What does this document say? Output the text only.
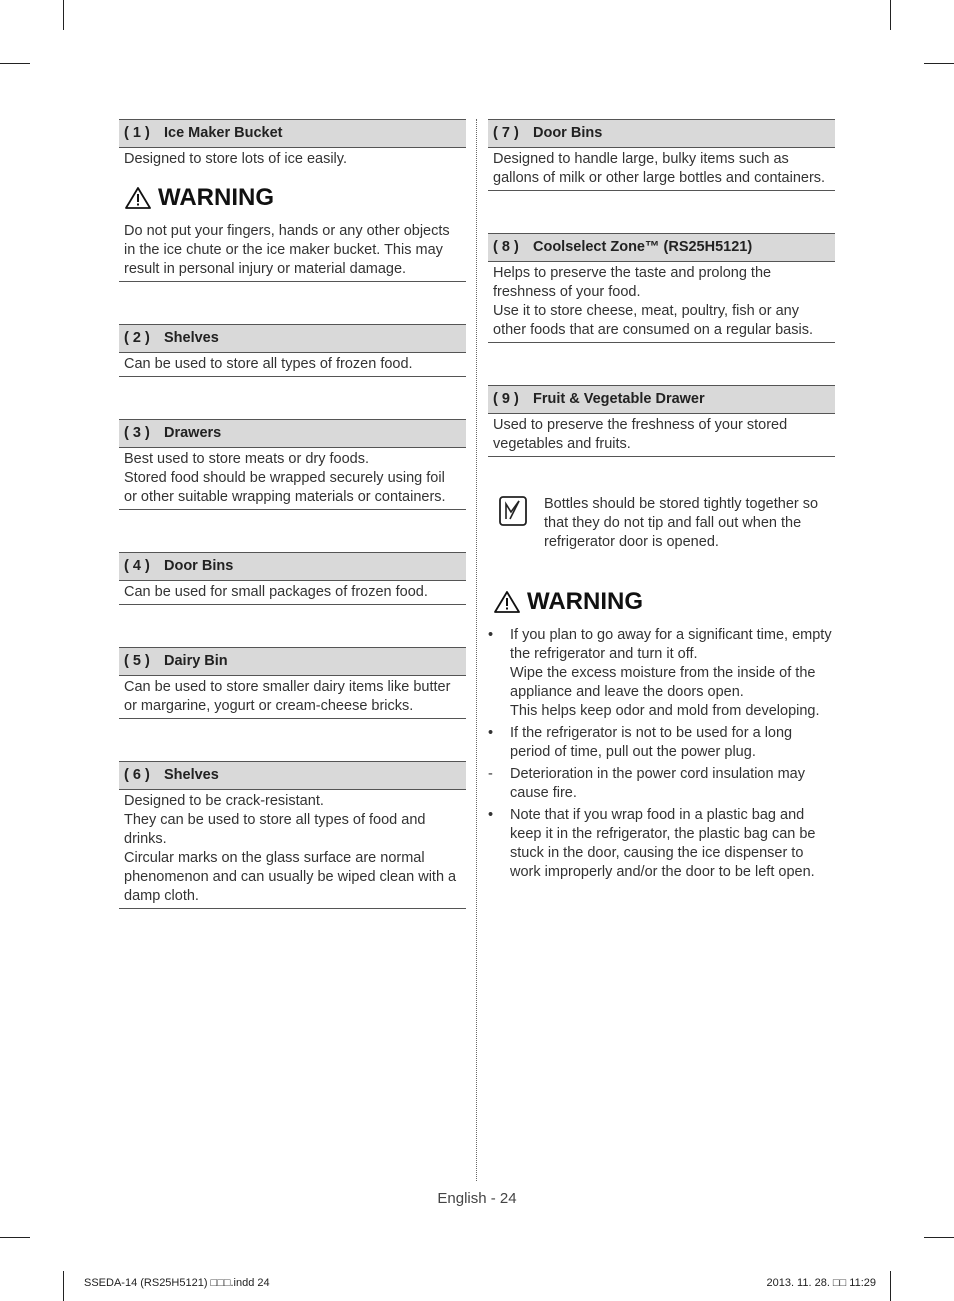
( 1 ) Ice Maker Bucket

Designed to store lots of ice easily.

WARNING

Do not put your fingers, hands or any other objects in the ice chute or the ice maker bucket. This may result in personal injury or material damage.

( 2 ) Shelves

Can be used to store all types of frozen food.

( 3 ) Drawers

Best used to store meats or dry foods.

Stored food should be wrapped securely using foil or other suitable wrapping materials or containers.

( 4 ) Door Bins

Can be used for small packages of frozen food.

( 5 ) Dairy Bin

Can be used to store smaller dairy items like butter or margarine, yogurt or cream-cheese bricks.

( 6 ) Shelves

Designed to be crack-resistant.

They can be used to store all types of food and drinks.

Circular marks on the glass surface are normal phenomenon and can usually be wiped clean with a damp cloth.

( 7 ) Door Bins

Designed to handle large, bulky items such as gallons of milk or other large bottles and containers.

( 8 ) Coolselect Zone™ (RS25H5121)

Helps to preserve the taste and prolong the freshness of your food.

Use it to store cheese, meat, poultry, fish or any other foods that are consumed on a regular basis.

( 9 ) Fruit & Vegetable Drawer

Used to preserve the freshness of your stored vegetables and fruits.

Bottles should be stored tightly together so that they do not tip and fall out when the refrigerator door is opened.
WARNING
• If you plan to go away for a significant time, empty the refrigerator and turn it off.

Wipe the excess moisture from the inside of the appliance and leave the doors open.

This helps keep odor and mold from developing.

• If the refrigerator is not to be used for a long period of time, pull out the power plug.

- Deterioration in the power cord insulation may cause fire.

• Note that if you wrap food in a plastic bag and keep it in the refrigerator, the plastic bag can be stuck in the door, causing the ice dispenser to work improperly and/or the door to be left open.

English - 24
SSEDA-14 (RS25H5121) □□□.indd 24	2013. 11. 28. □□ 11:29
